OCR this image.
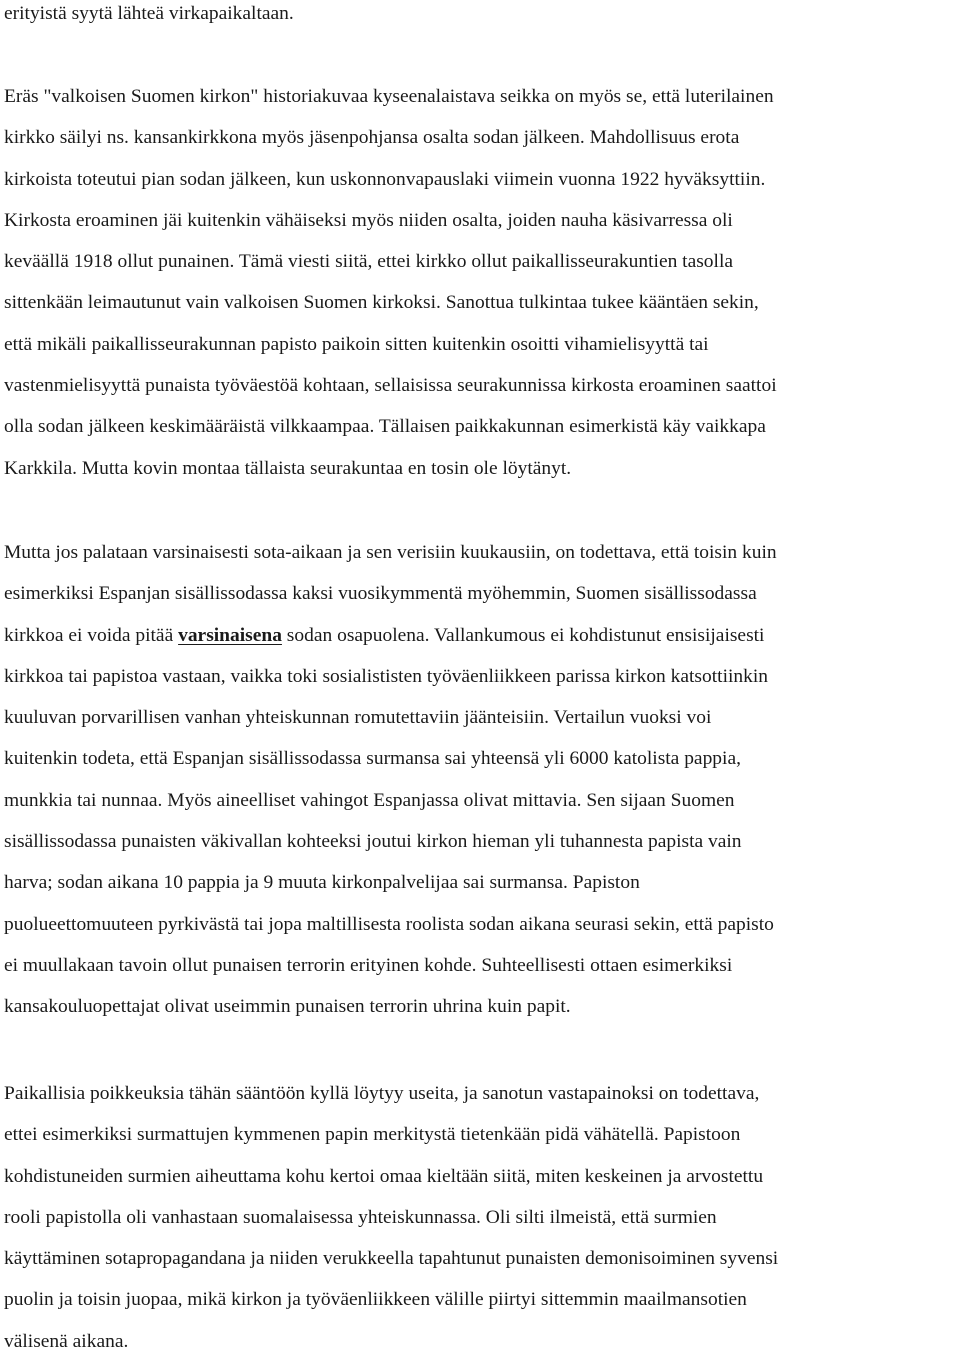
erityistä syytä lähteä virkapaikaltaan.

Eräs "valkoisen Suomen kirkon" historiakuvaa kyseenalaistava seikka on myös se, että luterilainen
kirkko säilyi ns. kansankirkkona myös jäsenpohjansa osalta sodan jälkeen. Mahdollisuus erota
kirkoista toteutui pian sodan jälkeen, kun uskonnonvapauslaki viimein vuonna 1922 hyväksyttiin.
Kirkosta eroaminen jäi kuitenkin vähäiseksi myös niiden osalta, joiden nauha käsivarressa oli
keväällä 1918 ollut punainen. Tämä viesti siitä, ettei kirkko ollut paikallisseurakuntien tasolla
sittenkään leimautunut vain valkoisen Suomen kirkoksi. Sanottua tulkintaa tukee kääntäen sekin,
että mikäli paikallisseurakunnan papisto paikoin sitten kuitenkin osoitti vihamielisyyttä tai
vastenmielisyyttä punaista työväestöä kohtaan, sellaisissa seurakunnissa kirkosta eroaminen saattoi
olla sodan jälkeen keskimääräistä vilkkaampaa. Tällaisen paikkakunnan esimerkistä käy vaikkapa
Karkkila. Mutta kovin montaa tällaista seurakuntaa en tosin ole löytänyt.

Mutta jos palataan varsinaisesti sota-aikaan ja sen verisiin kuukausiin, on todettava, että toisin kuin
esimerkiksi Espanjan sisällissodassa kaksi vuosikymmentä myöhemmin, Suomen sisällissodassa
kirkkoa ei voida pitää varsinaisena sodan osapuolena. Vallankumous ei kohdistunut ensisijaisesti
kirkkoa tai papistoa vastaan, vaikka toki sosialististen työväenliikkeen parissa kirkon katsottiinkin
kuuluvan porvarillisen vanhan yhteiskunnan romutettaviin jäänteisiin. Vertailun vuoksi voi
kuitenkin todeta, että Espanjan sisällissodassa surmansa sai yhteensä yli 6000 katolista pappia,
munkkia tai nunnaa. Myös aineelliset vahingot Espanjassa olivat mittavia. Sen sijaan Suomen
sisällissodassa punaisten väkivallan kohteeksi joutui kirkon hieman yli tuhannesta papista vain
harva; sodan aikana 10 pappia ja 9 muuta kirkonpalvelijaa sai surmansa. Papiston
puolueettomuuteen pyrkivästä tai jopa maltillisesta roolista sodan aikana seurasi sekin, että papisto
ei muullakaan tavoin ollut punaisen terrorin erityinen kohde. Suhteellisesti ottaen esimerkiksi
kansakouluopettajat olivat useimmin punaisen terrorin uhrina kuin papit.

Paikallisia poikkeuksia tähän sääntöön kyllä löytyy useita, ja sanotun vastapainoksi on todettava,
ettei esimerkiksi surmattujen kymmenen papin merkitystä tietenkään pidä vähätellä. Papistoon
kohdistuneiden surmien aiheuttama kohu kertoi omaa kieltään siitä, miten keskeinen ja arvostettu
rooli papistolla oli vanhastaan suomalaisessa yhteiskunnassa. Oli silti ilmeistä, että surmien
käyttäminen sotapropagandana ja niiden verukkeella tapahtunut punaisten demonisoiminen syvensi
puolin ja toisin juopaa, mikä kirkon ja työväenliikkeen välille piirtyi sittemmin maailmansotien
välisenä aikana.
